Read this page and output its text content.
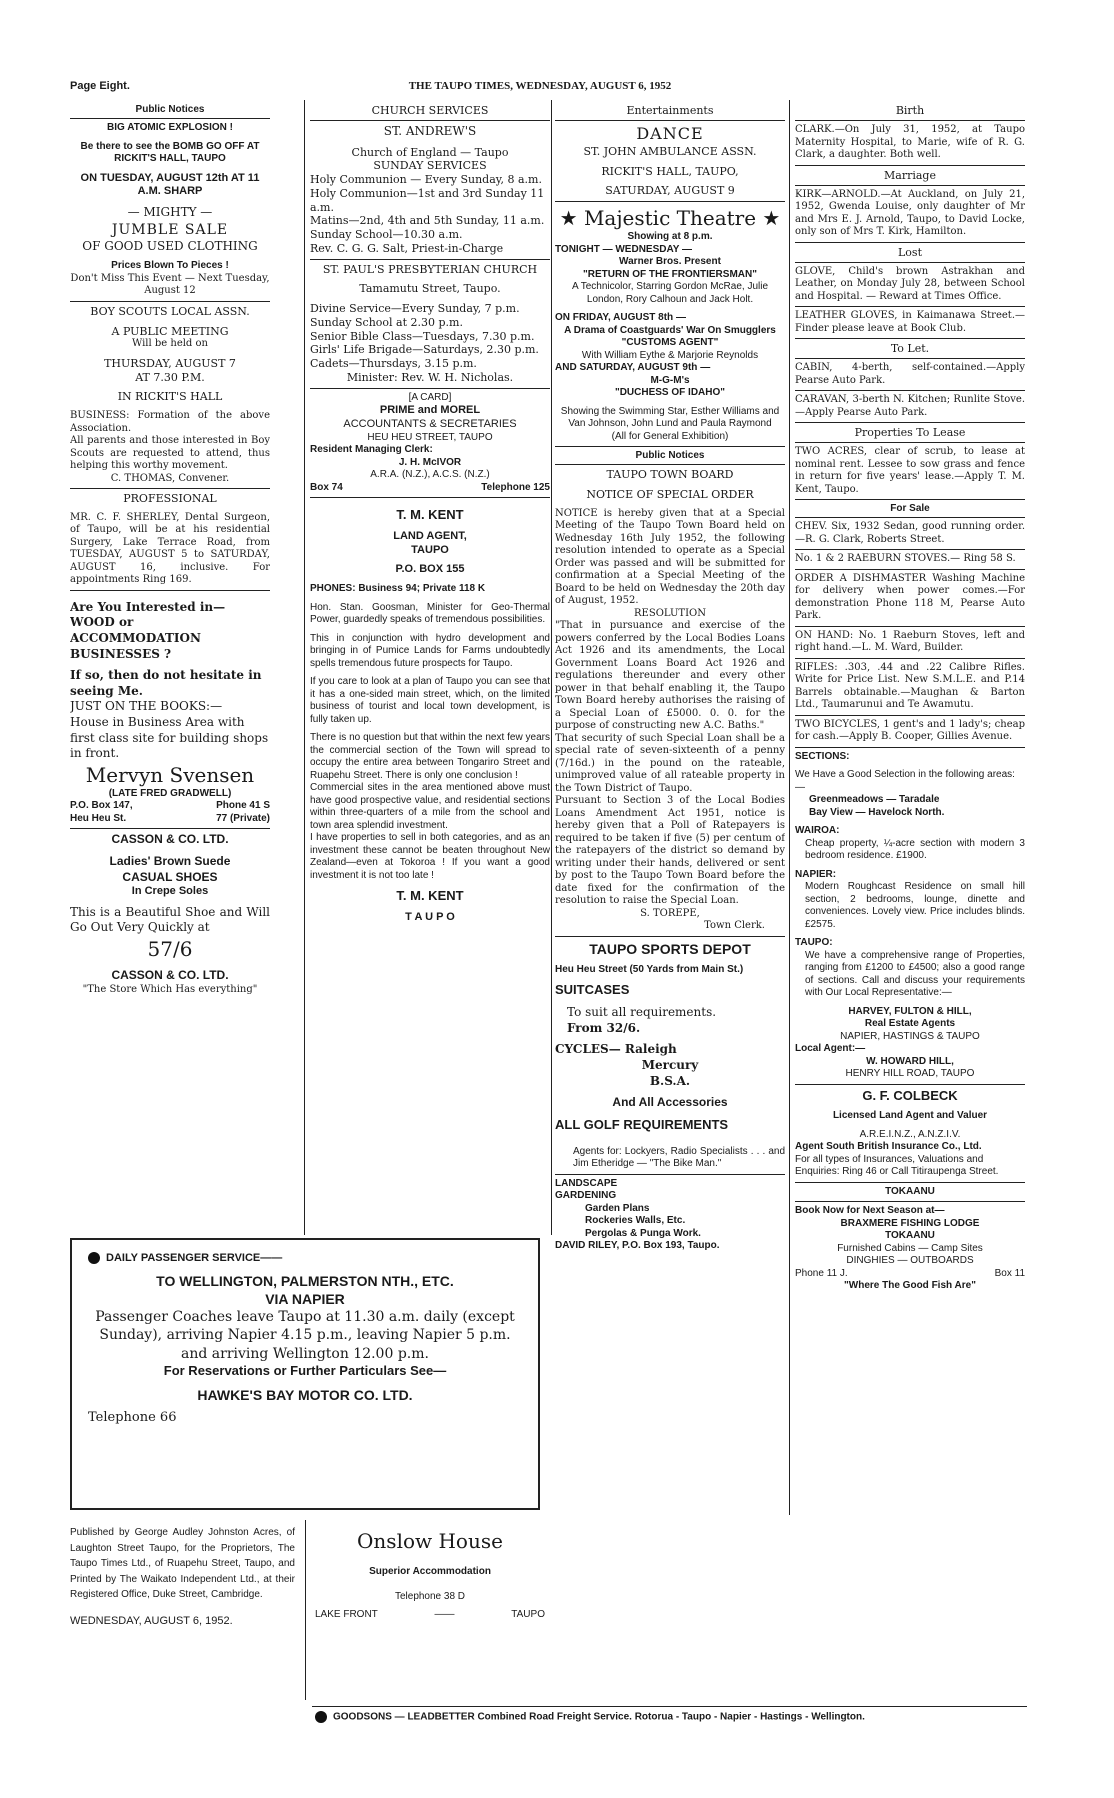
Page Eight.	THE TAUPO TIMES, WEDNESDAY, AUGUST 6, 1952
Public Notices
BIG ATOMIC EXPLOSION !
Be there to see the BOMB GO OFF AT RICKIT'S HALL, TAUPO
ON TUESDAY, AUGUST 12th AT 11 A.M. SHARP
— MIGHTY —
JUMBLE SALE
OF GOOD USED CLOTHING
Prices Blown To Pieces !
Don't Miss This Event — Next Tuesday, August 12
BOY SCOUTS LOCAL ASSN.
A PUBLIC MEETING
Will be held on
THURSDAY, AUGUST 7
AT 7.30 P.M.
IN RICKIT'S HALL
BUSINESS: Formation of the above Association.
All parents and those interested in Boy Scouts are requested to attend, thus helping this worthy movement.
C. THOMAS, Convener.
PROFESSIONAL
MR. C. F. SHERLEY, Dental Surgeon, of Taupo, will be at his residential Surgery, Lake Terrace Road, from TUESDAY, AUGUST 5 to SATURDAY, AUGUST 16, inclusive. For appointments Ring 169.
Are You Interested in—
WOOD or
ACCOMMODATION
BUSINESSES ?
If so, then do not hesitate in seeing Me.
JUST ON THE BOOKS:—
House in Business Area with first class site for building shops in front.
Mervyn Svensen
(LATE FRED GRADWELL)
P.O. Box 147,	Phone 41 S
Heu Heu St.	77 (Private)
CASSON & CO. LTD.
Ladies' Brown Suede
CASUAL SHOES
In Crepe Soles
This is a Beautiful Shoe and Will Go Out Very Quickly at
57/6
CASSON & CO. LTD.
"The Store Which Has everything"
CHURCH SERVICES
ST. ANDREW'S
Church of England — Taupo
SUNDAY SERVICES
Holy Communion — Every Sunday, 8 a.m.
Holy Communion—1st and 3rd Sunday 11 a.m.
Matins—2nd, 4th and 5th Sunday, 11 a.m.
Sunday School—10.30 a.m.
Rev. C. G. G. Salt, Priest-in-Charge
ST. PAUL'S PRESBYTERIAN CHURCH
Tamamutu Street, Taupo.
Divine Service—Every Sunday, 7 p.m.
Sunday School at 2.30 p.m.
Senior Bible Class—Tuesdays, 7.30 p.m.
Girls' Life Brigade—Saturdays, 2.30 p.m.
Cadets—Thursdays, 3.15 p.m.
Minister: Rev. W. H. Nicholas.
[A CARD]
PRIME and MOREL
ACCOUNTANTS & SECRETARIES
HEU HEU STREET, TAUPO
Resident Managing Clerk:
J. H. McIVOR
A.R.A. (N.Z.), A.C.S. (N.Z.)
Box 74	Telephone 125
T. M. KENT
LAND AGENT,
TAUPO
P.O. BOX 155
PHONES: Business 94; Private 118 K
Hon. Stan. Goosman, Minister for Geo-Thermal Power, guardedly speaks of tremendous possibilities.
This in conjunction with hydro development and bringing in of Pumice Lands for Farms undoubtedly spells tremendous future prospects for Taupo.
If you care to look at a plan of Taupo you can see that it has a one-sided main street, which, on the limited business of tourist and local town development, is fully taken up.
There is no question but that within the next few years the commercial section of the Town will spread to occupy the entire area between Tongariro Street and Ruapehu Street. There is only one conclusion !
Commercial sites in the area mentioned above must have good prospective value, and residential sections within three-quarters of a mile from the school and town area splendid investment.
I have properties to sell in both categories, and as an investment these cannot be beaten throughout New Zealand—even at Tokoroa ! If you want a good investment it is not too late !
T. M. KENT
T A U P O
Entertainments
DANCE
ST. JOHN AMBULANCE ASSN.
RICKIT'S HALL, TAUPO,
SATURDAY, AUGUST 9
★ Majestic Theatre ★
Showing at 8 p.m.
TONIGHT — WEDNESDAY —
Warner Bros. Present
"RETURN OF THE FRONTIERSMAN"
A Technicolor, Starring Gordon McRae, Julie London, Rory Calhoun and Jack Holt.
ON FRIDAY, AUGUST 8th —
A Drama of Coastguards' War On Smugglers
"CUSTOMS AGENT"
With William Eythe & Marjorie Reynolds
AND SATURDAY, AUGUST 9th —
M-G-M's
"DUCHESS OF IDAHO"
Showing the Swimming Star, Esther Williams and Van Johnson, John Lund and Paula Raymond
(All for General Exhibition)
Public Notices
TAUPO TOWN BOARD
NOTICE OF SPECIAL ORDER
NOTICE is hereby given that at a Special Meeting of the Taupo Town Board held on Wednesday 16th July 1952, the following resolution intended to operate as a Special Order was passed and will be submitted for confirmation at a Special Meeting of the Board to be held on Wednesday the 20th day of August, 1952.
RESOLUTION
"That in pursuance and exercise of the powers conferred by the Local Bodies Loans Act 1926 and its amendments, the Local Government Loans Board Act 1926 and regulations thereunder and every other power in that behalf enabling it, the Taupo Town Board hereby authorises the raising of a Special Loan of £5000. 0. 0. for the purpose of constructing new A.C. Baths."
That security of such Special Loan shall be a special rate of seven-sixteenth of a penny (7/16d.) in the pound on the rateable, unimproved value of all rateable property in the Town District of Taupo.
Pursuant to Section 3 of the Local Bodies Loans Amendment Act 1951, notice is hereby given that a Poll of Ratepayers is required to be taken if five (5) per centum of the ratepayers of the district so demand by writing under their hands, delivered or sent by post to the Taupo Town Board before the date fixed for the confirmation of the resolution to raise the Special Loan.
S. TOREPE,
Town Clerk.
TAUPO SPORTS DEPOT
Heu Heu Street (50 Yards from Main St.)
SUITCASES
To suit all requirements.
From 32/6.
CYCLES— Raleigh
Mercury
B.S.A.
And All Accessories
ALL GOLF REQUIREMENTS
Agents for: Lockyers, Radio Specialists . . . and Jim Etheridge — "The Bike Man."
LANDSCAPE
GARDENING
Garden Plans
Rockeries Walls, Etc.
Pergolas & Punga Work.
DAVID RILEY, P.O. Box 193, Taupo.
Birth
CLARK.—On July 31, 1952, at Taupo Maternity Hospital, to Marie, wife of R. G. Clark, a daughter. Both well.
Marriage
KIRK—ARNOLD.—At Auckland, on July 21, 1952, Gwenda Louise, only daughter of Mr and Mrs E. J. Arnold, Taupo, to David Locke, only son of Mrs T. Kirk, Hamilton.
Lost
GLOVE, Child's brown Astrakhan and Leather, on Monday July 28, between School and Hospital. — Reward at Times Office.
LEATHER GLOVES, in Kaimanawa Street.—Finder please leave at Book Club.
To Let.
CABIN, 4-berth, self-contained.—Apply Pearse Auto Park.
CARAVAN, 3-berth N. Kitchen; Runlite Stove.—Apply Pearse Auto Park.
Properties To Lease
TWO ACRES, clear of scrub, to lease at nominal rent. Lessee to sow grass and fence in return for five years' lease.—Apply T. M. Kent, Taupo.
For Sale
CHEV. Six, 1932 Sedan, good running order.—R. G. Clark, Roberts Street.
No. 1 & 2 RAEBURN STOVES.— Ring 58 S.
ORDER A DISHMASTER Washing Machine for delivery when power comes.—For demonstration Phone 118 M, Pearse Auto Park.
ON HAND: No. 1 Raeburn Stoves, left and right hand.—L. M. Ward, Builder.
RIFLES: .303, .44 and .22 Calibre Rifles. Write for Price List. New S.M.L.E. and P.14 Barrels obtainable.—Maughan & Barton Ltd., Taumarunui and Te Awamutu.
TWO BICYCLES, 1 gent's and 1 lady's; cheap for cash.—Apply B. Cooper, Gillies Avenue.
SECTIONS:
We Have a Good Selection in the following areas: —
Greenmeadows — Taradale
Bay View — Havelock North.
WAIROA:
Cheap property, ¼-acre section with modern 3 bedroom residence. £1900.
NAPIER:
Modern Roughcast Residence on small hill section, 2 bedrooms, lounge, dinette and conveniences. Lovely view. Price includes blinds. £2575.
TAUPO:
We have a comprehensive range of Properties, ranging from £1200 to £4500; also a good range of sections. Call and discuss your requirements with Our Local Representative:—
HARVEY, FULTON & HILL,
Real Estate Agents
NAPIER, HASTINGS & TAUPO
Local Agent:—
W. HOWARD HILL,
HENRY HILL ROAD, TAUPO
G. F. COLBECK
Licensed Land Agent and Valuer
A.R.E.I.N.Z., A.N.Z.I.V.
Agent South British Insurance Co., Ltd.
For all types of Insurances, Valuations and Enquiries: Ring 46 or Call Titiraupenga Street.
TOKAANU
Book Now for Next Season at—
BRAXMERE FISHING LODGE
TOKAANU
Furnished Cabins — Camp Sites
DINGHIES — OUTBOARDS
Phone 11 J.	Box 11
"Where The Good Fish Are"
DAILY PASSENGER SERVICE——
TO WELLINGTON, PALMERSTON NTH., ETC.
VIA NAPIER
Passenger Coaches leave Taupo at 11.30 a.m. daily (except Sunday), arriving Napier 4.15 p.m., leaving Napier 5 p.m. and arriving Wellington 12.00 p.m.
For Reservations or Further Particulars See—
HAWKE'S BAY MOTOR CO. LTD.
Telephone 66
Published by George Audley Johnston Acres, of Laughton Street Taupo, for the Proprietors, The Taupo Times Ltd., of Ruapehu Street, Taupo, and Printed by The Waikato Independent Ltd., at their Registered Office, Duke Street, Cambridge.
WEDNESDAY, AUGUST 6, 1952.
Onslow House
Superior Accommodation
Telephone 38 D
LAKE FRONT	——	TAUPO
GOODSONS — LEADBETTER Combined Road Freight Service. Rotorua - Taupo - Napier - Hastings - Wellington.
